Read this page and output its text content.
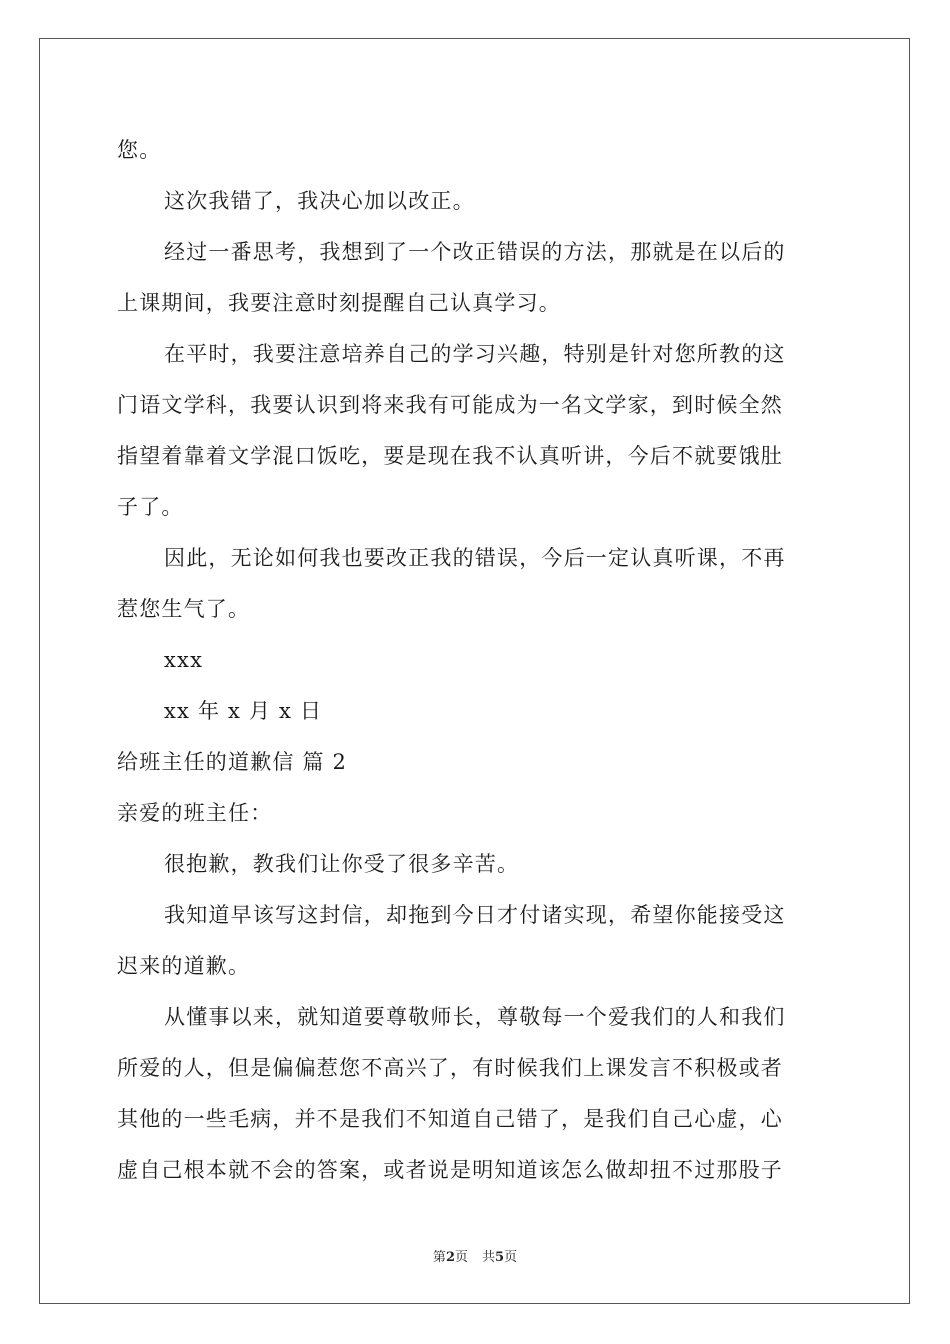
您。
这次我错了，我决心加以改正。
经过一番思考，我想到了一个改正错误的方法，那就是在以后的
上课期间，我要注意时刻提醒自己认真学习。
在平时，我要注意培养自己的学习兴趣，特别是针对您所教的这
门语文学科，我要认识到将来我有可能成为一名文学家，到时候全然
指望着靠着文学混口饭吃，要是现在我不认真听讲，今后不就要饿肚
子了。
因此，无论如何我也要改正我的错误，今后一定认真听课，不再
惹您生气了。
xxx
xx 年 x 月 x 日
给班主任的道歉信 篇 2
亲爱的班主任：
很抱歉，教我们让你受了很多辛苦。
我知道早该写这封信，却拖到今日才付诸实现，希望你能接受这
迟来的道歉。
从懂事以来，就知道要尊敬师长，尊敬每一个爱我们的人和我们
所爱的人，但是偏偏惹您不高兴了，有时候我们上课发言不积极或者
其他的一些毛病，并不是我们不知道自己错了，是我们自己心虚，心
虚自己根本就不会的答案，或者说是明知道该怎么做却扭不过那股子
第2页 共5页
